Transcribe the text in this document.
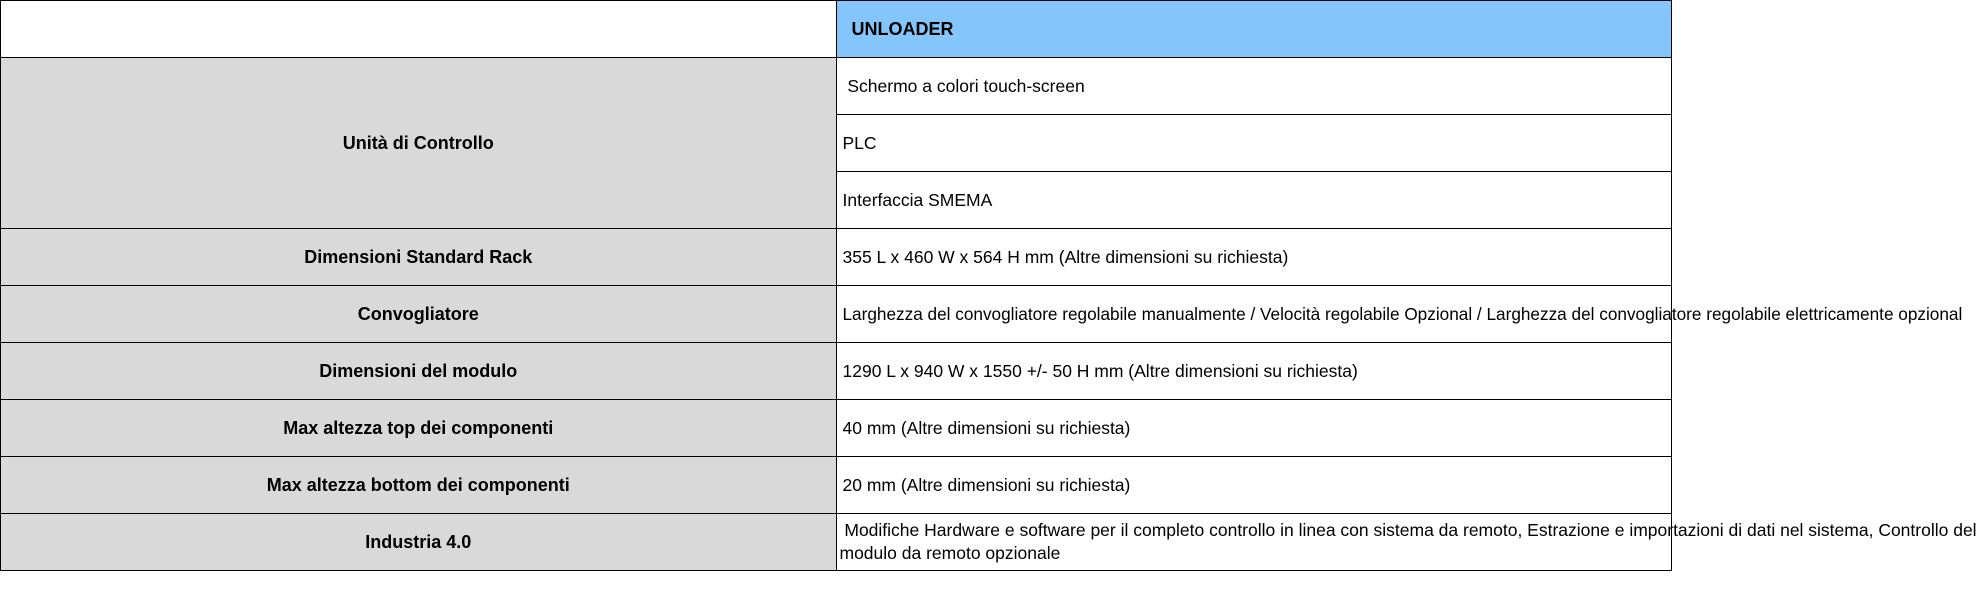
	UNLOADER
Unità di Controllo	Schermo a colori touch-screen
	PLC
	Interfaccia SMEMA
Dimensioni Standard Rack	355 L x 460 W x 564 H mm (Altre dimensioni su richiesta)
Convogliatore	Larghezza del convogliatore regolabile manualmente / Velocità regolabile Opzional / Larghezza del convogliatore regolabile elettricamente opzional
Dimensioni del modulo	1290 L x 940 W x 1550 +/- 50 H mm (Altre dimensioni su richiesta)
Max altezza top dei componenti	40 mm (Altre dimensioni su richiesta)
Max altezza bottom dei componenti	20 mm (Altre dimensioni su richiesta)
Industria 4.0	Modifiche Hardware e software per il completo controllo in linea con sistema da remoto, Estrazione e importazioni di dati nel sistema, Controllo del
modulo da remoto opzionale
